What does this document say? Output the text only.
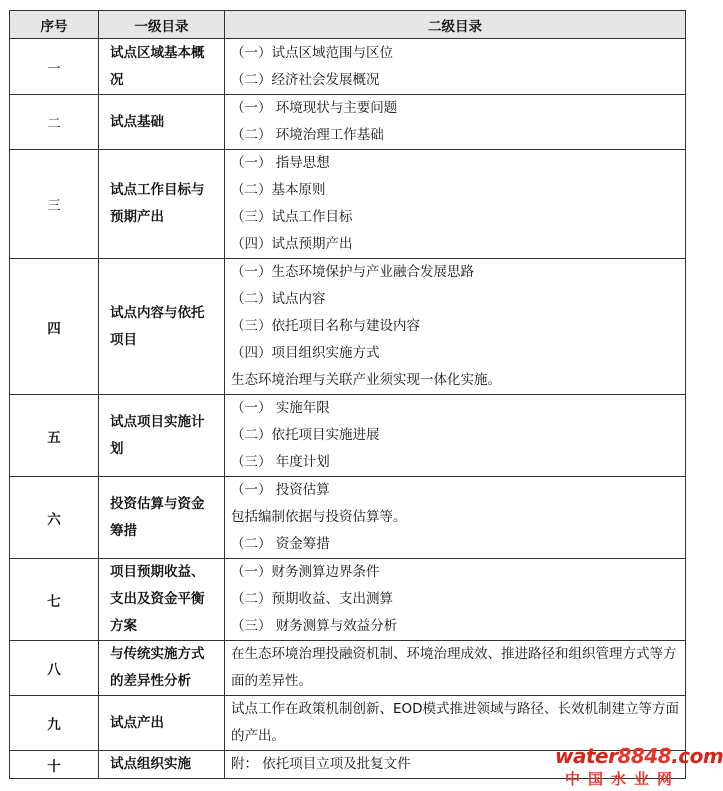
序号	一级目录	二级目录
一	试点区域基本概况	（一）试点区域范围与区位
（二）经济社会发展概况

二	试点基础	（一） 环境现状与主要问题
（二） 环境治理工作基础

三	试点工作目标与预期产出	（一） 指导思想
（二）基本原则
（三）试点工作目标
（四）试点预期产出

四	试点内容与依托项目	（一）生态环境保护与产业融合发展思路
（二）试点内容
（三）依托项目名称与建设内容
（四）项目组织实施方式
生态环境治理与关联产业须实现一体化实施。

五	试点项目实施计划	（一） 实施年限
（二）依托项目实施进展
（三） 年度计划

六	投资估算与资金筹措	（一） 投资估算
包括编制依据与投资估算等。
（二） 资金筹措

七	项目预期收益、支出及资金平衡方案	（一）财务测算边界条件
（二）预期收益、支出测算
（三） 财务测算与效益分析

八	与传统实施方式的差异性分析	在生态环境治理投融资机制、环境治理成效、推进路径和组织管理方式等方面的差异性。

九	试点产出	试点工作在政策机制创新、EOD模式推进领域与路径、长效机制建立等方面的产出。

十	试点组织实施	附： 依托项目立项及批复文件	water8848.com
中国水业网
